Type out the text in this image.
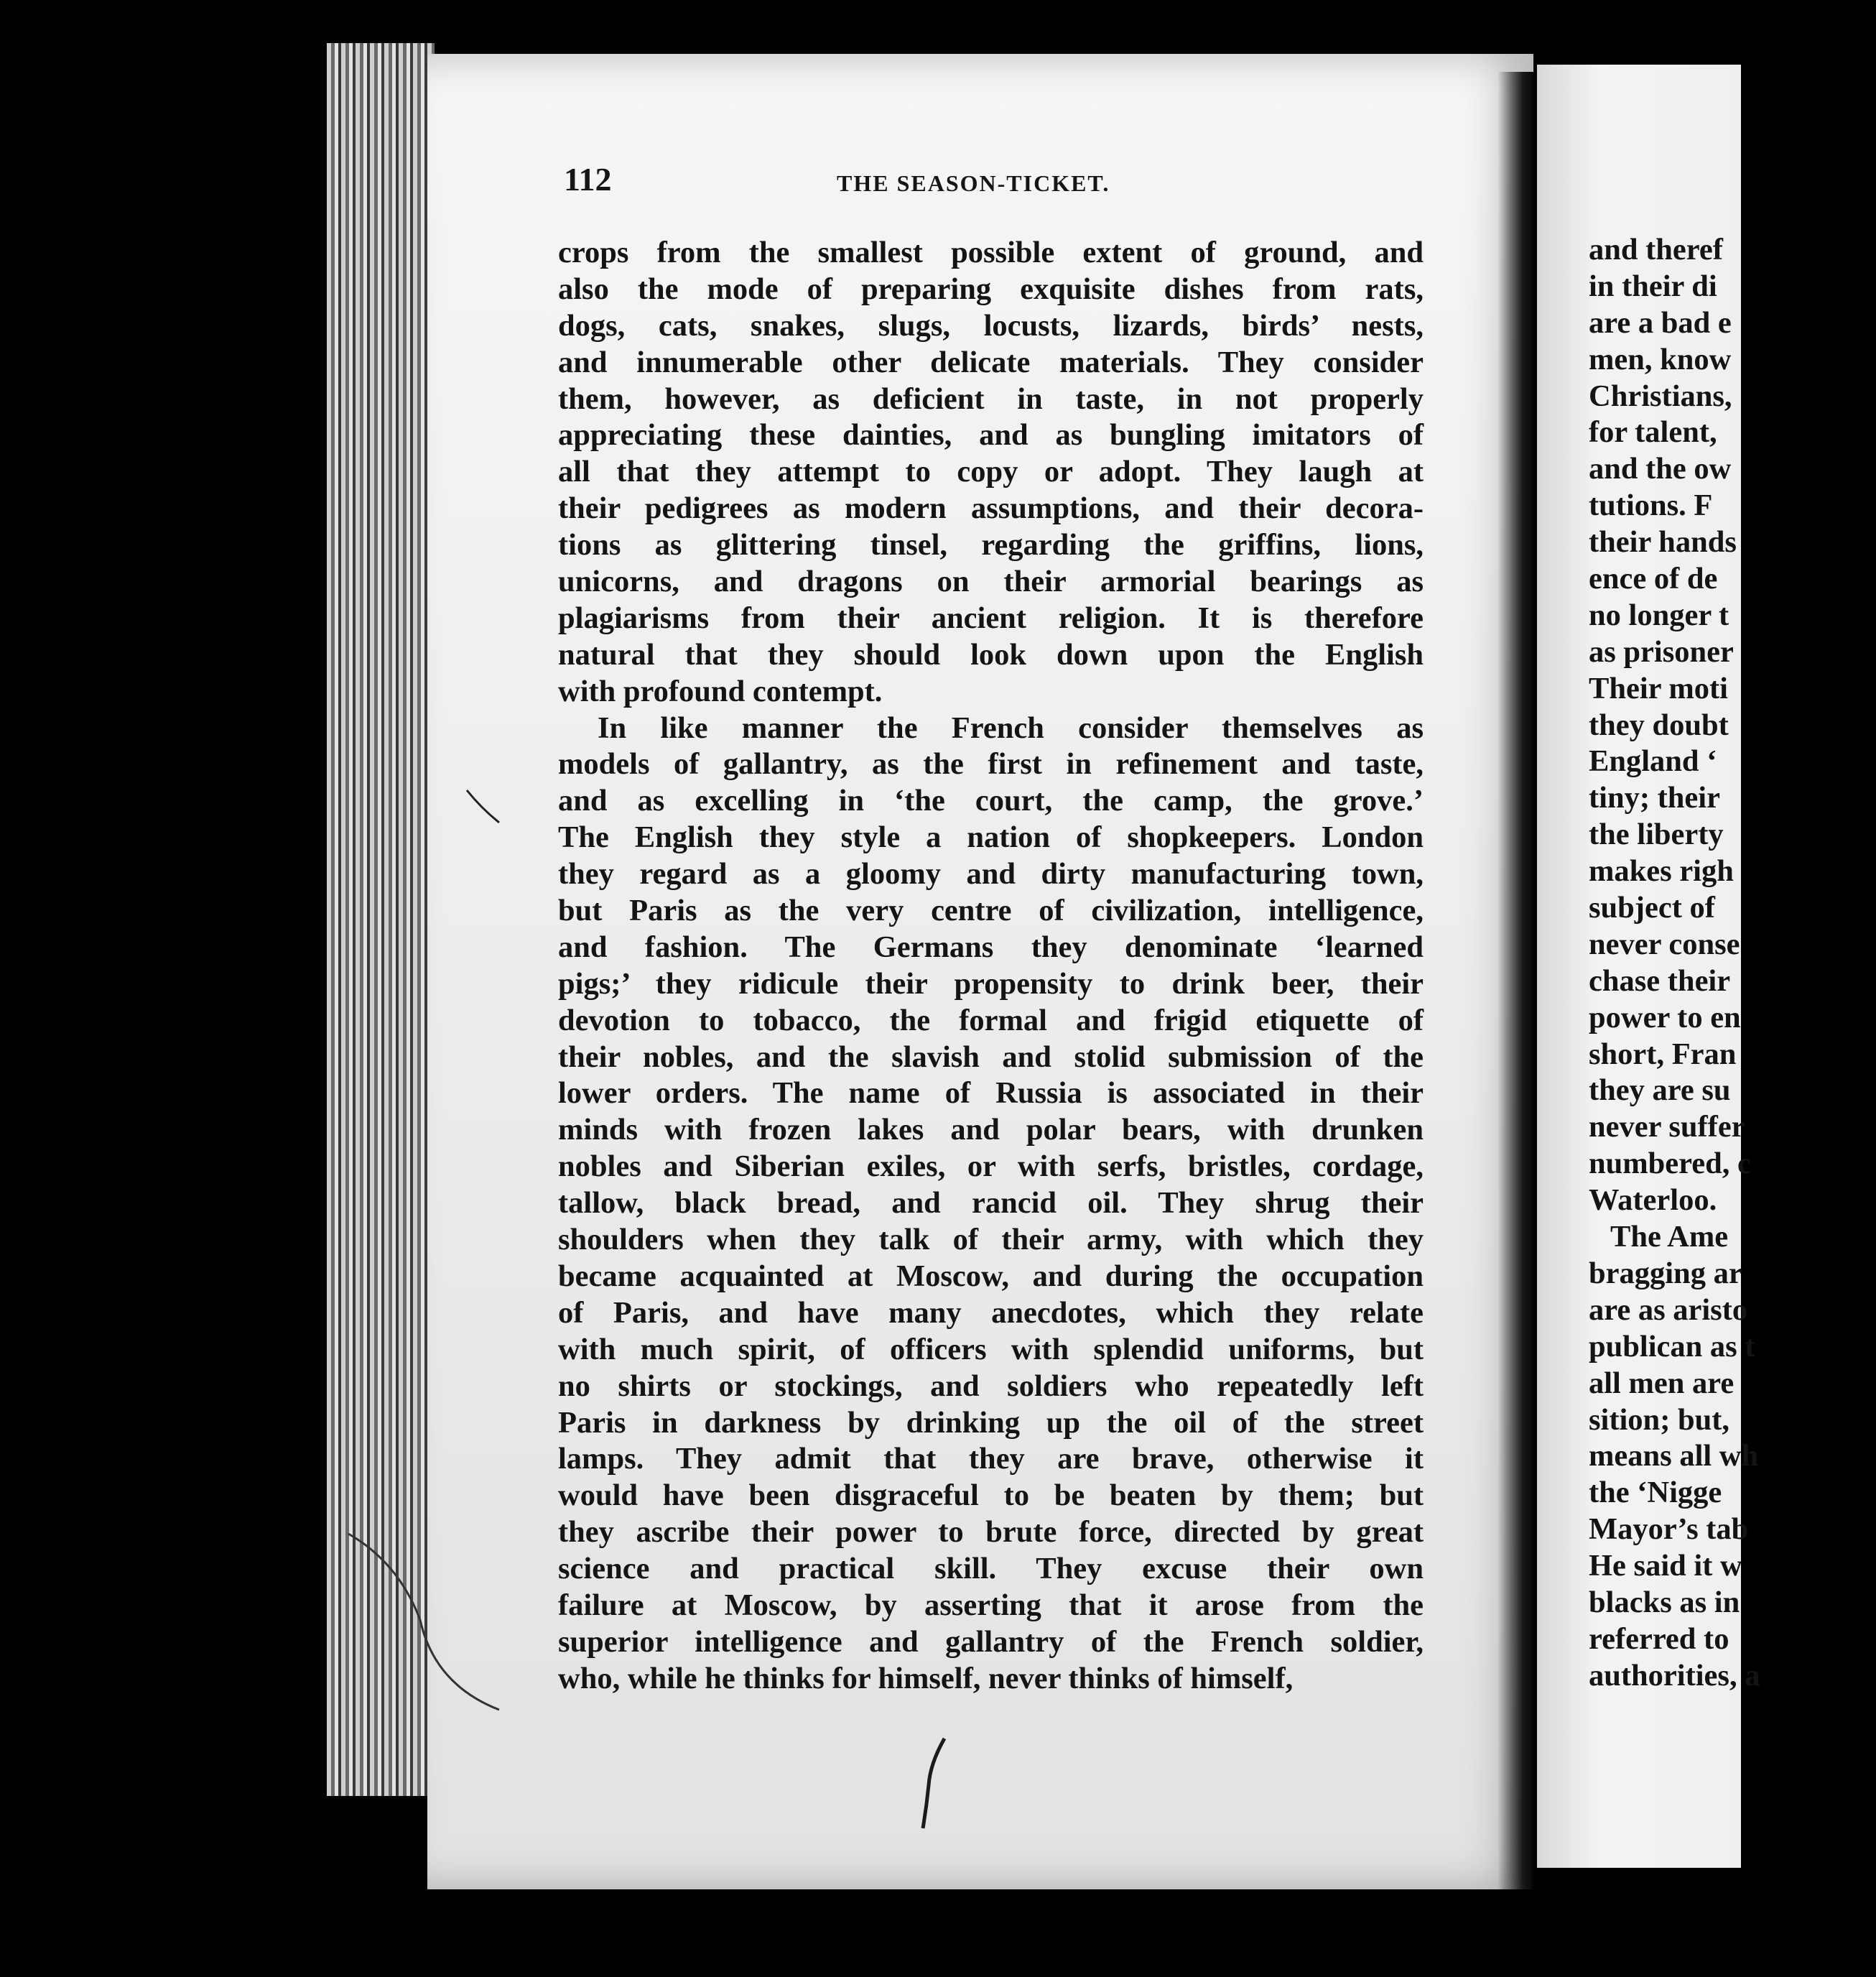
112	THE SEASON-TICKET.
crops from the smallest possible extent of ground, and
also the mode of preparing exquisite dishes from rats,
dogs, cats, snakes, slugs, locusts, lizards, birds’ nests,
and innumerable other delicate materials. They consider
them, however, as deficient in taste, in not properly
appreciating these dainties, and as bungling imitators of
all that they attempt to copy or adopt. They laugh at
their pedigrees as modern assumptions, and their decora-
tions as glittering tinsel, regarding the griffins, lions,
unicorns, and dragons on their armorial bearings as
plagiarisms from their ancient religion. It is therefore
natural that they should look down upon the English
with profound contempt.
In like manner the French consider themselves as
models of gallantry, as the first in refinement and taste,
and as excelling in ‘the court, the camp, the grove.’
The English they style a nation of shopkeepers. London
they regard as a gloomy and dirty manufacturing town,
but Paris as the very centre of civilization, intelligence,
and fashion. The Germans they denominate ‘learned
pigs;’ they ridicule their propensity to drink beer, their
devotion to tobacco, the formal and frigid etiquette of
their nobles, and the slavish and stolid submission of the
lower orders. The name of Russia is associated in their
minds with frozen lakes and polar bears, with drunken
nobles and Siberian exiles, or with serfs, bristles, cordage,
tallow, black bread, and rancid oil. They shrug their
shoulders when they talk of their army, with which they
became acquainted at Moscow, and during the occupation
of Paris, and have many anecdotes, which they relate
with much spirit, of officers with splendid uniforms, but
no shirts or stockings, and soldiers who repeatedly left
Paris in darkness by drinking up the oil of the street
lamps. They admit that they are brave, otherwise it
would have been disgraceful to be beaten by them; but
they ascribe their power to brute force, directed by great
science and practical skill. They excuse their own
failure at Moscow, by asserting that it arose from the
superior intelligence and gallantry of the French soldier,
who, while he thinks for himself, never thinks of himself,
and theref
in their di
are a bad e
men, know
Christians,
for talent,
and the ow
tutions. F
their hands
ence of de
no longer t
as prisoner
Their moti
they doubt
England ‘
tiny; their
the liberty
makes righ
subject of
never conse
chase their
power to en
short, Fran
they are su
never suffer
numbered, c
Waterloo.
The Ame
bragging ar
are as aristo
publican as t
all men are
sition; but,
means all wh
the ‘Nigge
Mayor’s tab
He said it w
blacks as in
referred to
authorities, a
